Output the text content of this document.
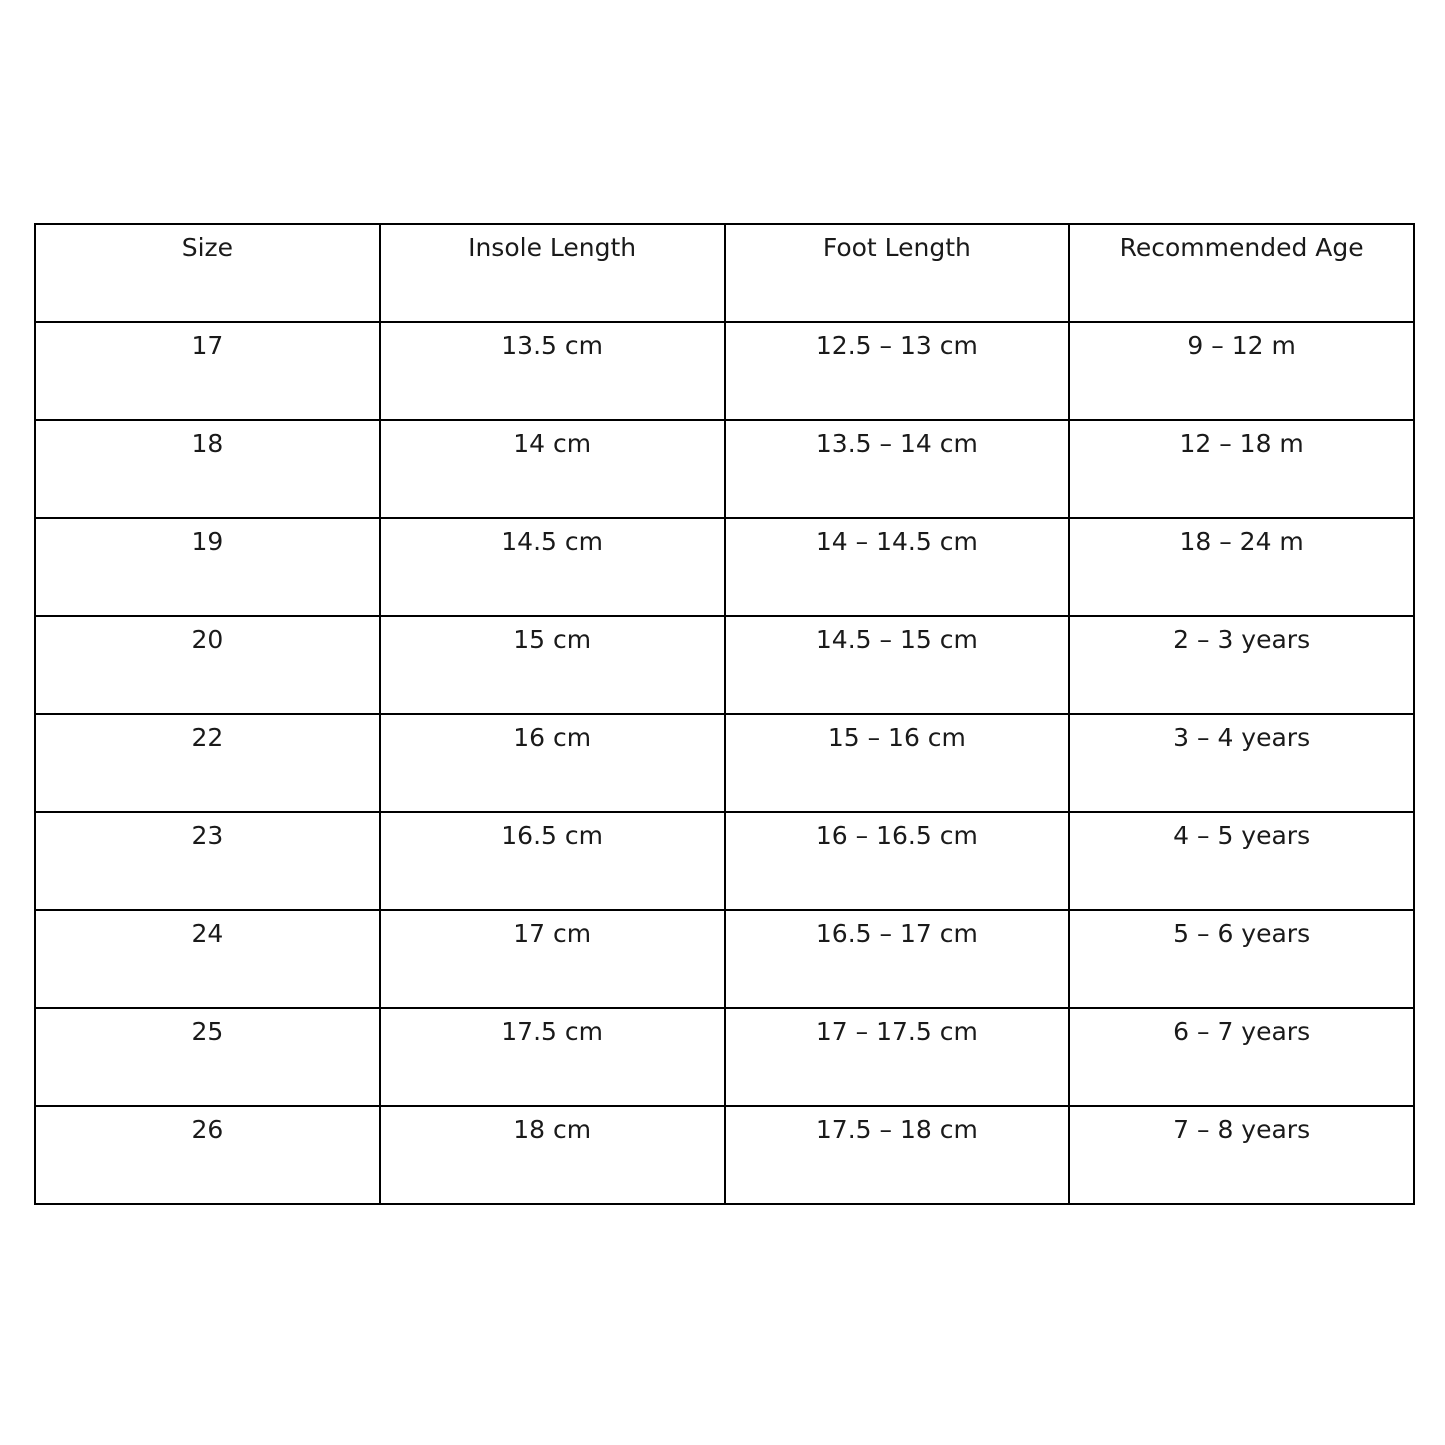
Size	Insole Length	Foot Length	Recommended Age

17	13.5 cm	12.5 – 13 cm	9 – 12 m

18	14 cm	13.5 – 14 cm	12 – 18 m

19	14.5 cm	14 – 14.5 cm	18 – 24 m

20	15 cm	14.5 – 15 cm	2 – 3 years

22	16 cm	15 – 16 cm	3 – 4 years

23	16.5 cm	16 – 16.5 cm	4 – 5 years

24	17 cm	16.5 – 17 cm	5 – 6 years

25	17.5 cm	17 – 17.5 cm	6 – 7 years

26	18 cm	17.5 – 18 cm	7 – 8 years
